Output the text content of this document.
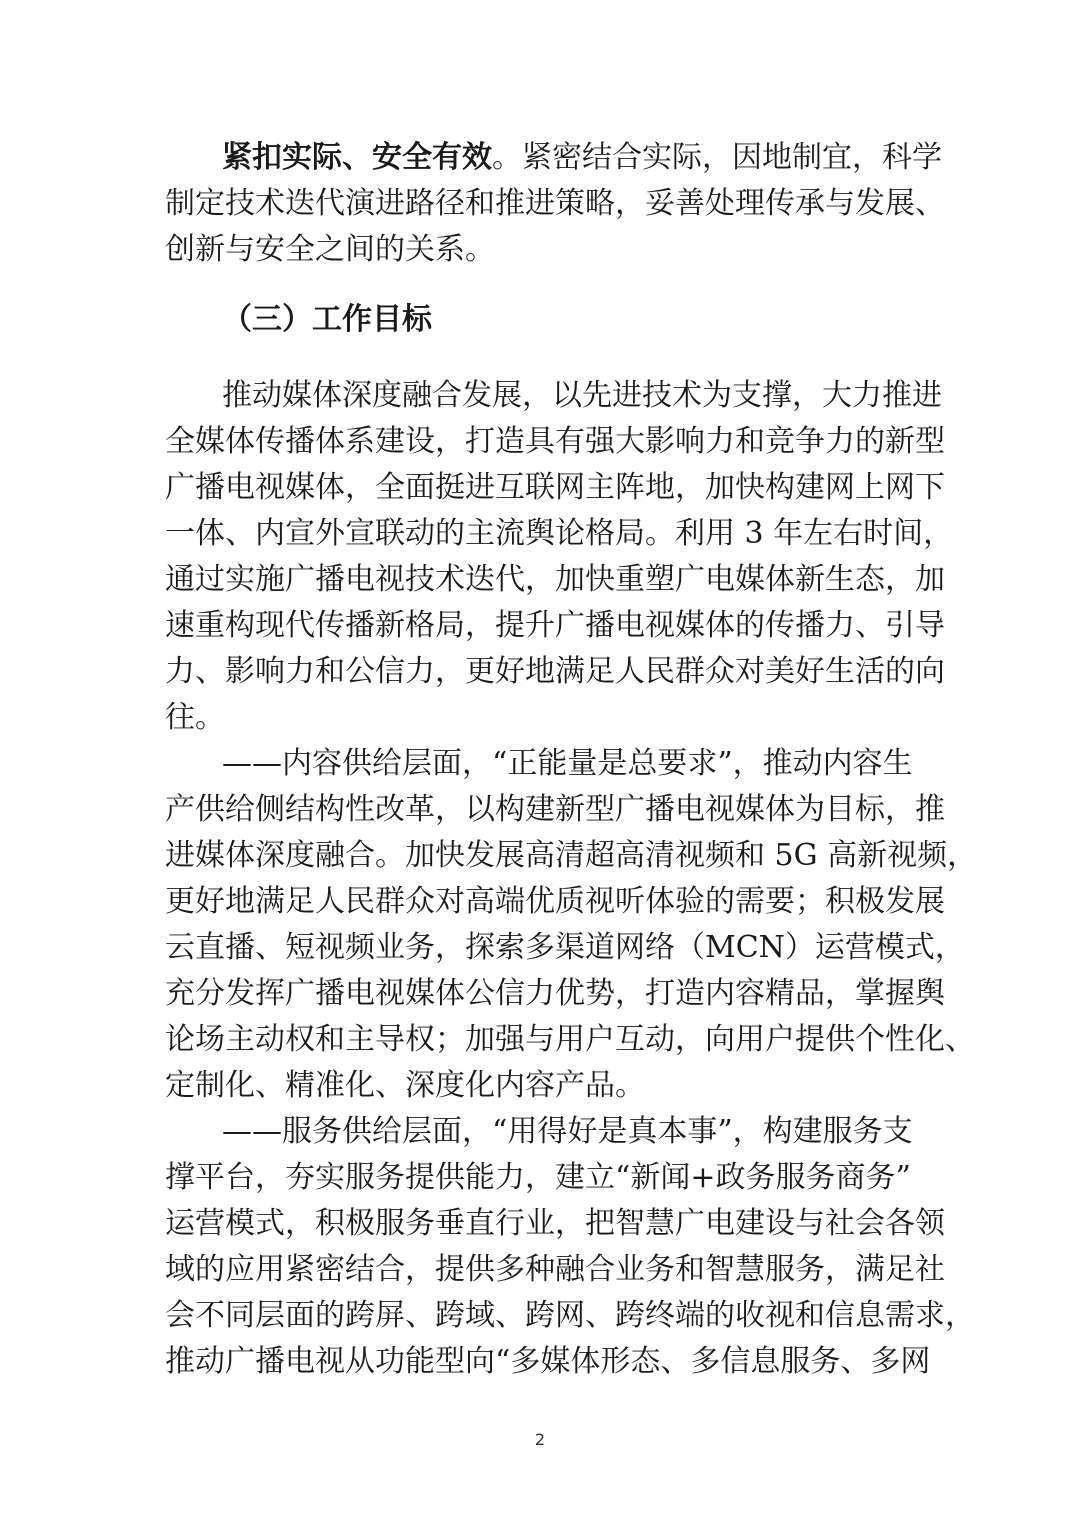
紧扣实际、安全有效。紧密结合实际，因地制宜，科学
制定技术迭代演进路径和推进策略，妥善处理传承与发展、
创新与安全之间的关系。
（三）工作目标
推动媒体深度融合发展，以先进技术为支撑，大力推进
全媒体传播体系建设，打造具有强大影响力和竞争力的新型
广播电视媒体，全面挺进互联网主阵地，加快构建网上网下
一体、内宣外宣联动的主流舆论格局。利用 3 年左右时间，
通过实施广播电视技术迭代，加快重塑广电媒体新生态，加
速重构现代传播新格局，提升广播电视媒体的传播力、引导
力、影响力和公信力，更好地满足人民群众对美好生活的向
往。
——内容供给层面，“正能量是总要求”，推动内容生
产供给侧结构性改革，以构建新型广播电视媒体为目标，推
进媒体深度融合。加快发展高清超高清视频和 5G 高新视频，
更好地满足人民群众对高端优质视听体验的需要；积极发展
云直播、短视频业务，探索多渠道网络（MCN）运营模式，
充分发挥广播电视媒体公信力优势，打造内容精品，掌握舆
论场主动权和主导权；加强与用户互动，向用户提供个性化、
定制化、精准化、深度化内容产品。
——服务供给层面，“用得好是真本事”，构建服务支
撑平台，夯实服务提供能力，建立“新闻+政务服务商务”
运营模式，积极服务垂直行业，把智慧广电建设与社会各领
域的应用紧密结合，提供多种融合业务和智慧服务，满足社
会不同层面的跨屏、跨域、跨网、跨终端的收视和信息需求，
推动广播电视从功能型向“多媒体形态、多信息服务、多网
2
